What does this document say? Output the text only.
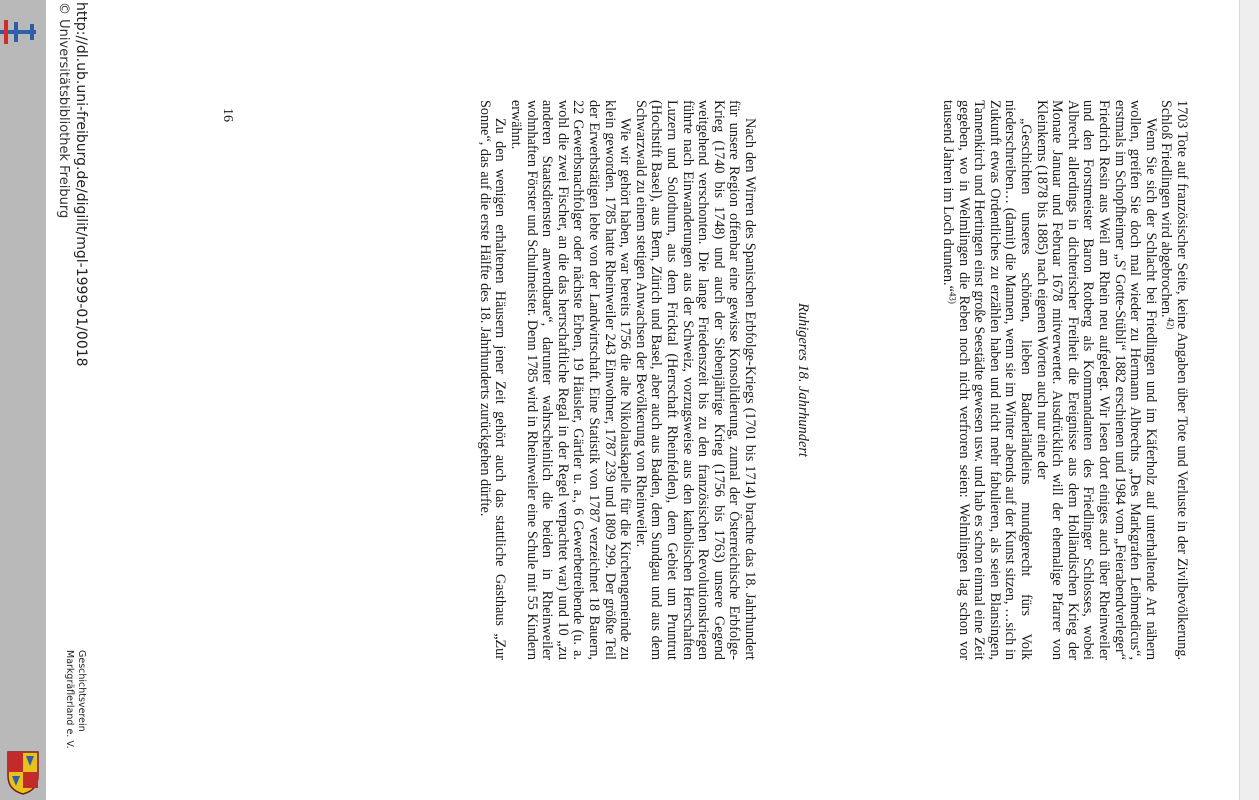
1703 Tote auf französischer Seite, keine Angaben über Tote und Verluste in der Zivilbevölkerung. Schloß Friedlingen wird abgebrochen.$^{42)}$

Wenn Sie sich der Schlacht bei Friedlingen und im Käferholz auf unterhaltende Art nähern wollen, greifen Sie doch mal wieder zu Hermann Albrechts „Des Markgrafen Leibmedicus“, erstmals im Schopfheimer „S' Gotte-Stübli“ 1882 erschienen und 1984 vom „Feierabendverleger“ Friedrich Resin aus Weil am Rhein neu aufgelegt. Wir lesen dort einiges auch über Rheinweiler und den Forstmeister Baron Rotberg als Kommandanten des Friedlinger Schlosses, wobei Albrecht allerdings in dichterischer Freiheit die Ereignisse aus dem Holländischen Krieg der Monate Januar und Februar 1678 mitverwertet. Ausdrücklich will der ehemalige Pfarrer von Kleinkems (1878 bis 1885) nach eigenen Worten auch nur eine der

„Geschichten unseres schönen, lieben Badnerländleins mundgerecht fürs Volk niederschreiben… (damit) die Mannen, wenn sie im Winter abends auf der Kunst sitzen, …sich in Zukunft etwas Ordentliches zu erzählen haben und nicht mehr fabulieren, als seien Blansingen, Tannenkirch und Hertingen einst große Seestädte gewesen usw. und hab es schon einmal eine Zeit gegeben, wo in Welmlingen die Reben noch nicht verfroren seien: Welmlingen lag schon vor tausend Jahren im Loch drunten.“$^{43)}$

Ruhigeres 18. Jahrhundert

Nach den Wirren des Spanischen Erbfolge-Kriegs (1701 bis 1714) brachte das 18. Jahrhundert für unsere Region offenbar eine gewisse Konsolidierung, zumal der Österreichische Erbfolge-Krieg (1740 bis 1748) und auch der Siebenjährige Krieg (1756 bis 1763) unsere Gegend weitgehend verschonten. Die lange Friedenszeit bis zu den französischen Revolutionskriegen führte nach Einwanderungen aus der Schweiz, vorzugsweise aus den katholischen Herrschaften Luzern und Solothurn, aus dem Fricktal (Herrschaft Rheinfelden), dem Gebiet um Pruntrut (Hochstift Basel), aus Bern, Zürich und Basel, aber auch aus Baden, dem Sundgau und aus dem Schwarzwald zu einem stetigen Anwachsen der Bevölkerung von Rheinweiler.

Wie wir gehört haben, war bereits 1756 die alte Nikolauskapelle für die Kirchengemeinde zu klein geworden. 1785 hatte Rheinweiler 243 Einwohner, 1787 239 und 1809 299. Der größte Teil der Erwerbstätigen lebte von der Landwirtschaft. Eine Statistik von 1787 verzeichnet 18 Bauern, 22 Gewerbsnachfolger oder nächste Erben, 19 Häusler, Gärtler u. a., 6 Gewerbetreibende (u. a. wohl die zwei Fischer, an die das herrschaftliche Regal in der Regel verpachtet war) und 10 „zu anderen Staatsdiensten anwendbare“, darunter wahrscheinlich die beiden in Rheinweiler wohnhaften Förster und Schulmeister. Denn 1785 wird in Rheinweiler eine Schule mit 55 Kindern erwähnt.

Zu den wenigen erhaltenen Häusern jener Zeit gehört auch das stattliche Gasthaus „Zur Sonne“, das auf die erste Hälfte des 18. Jahrhunderts zurückgehen dürfte.

16
http://dl.ub.uni-freiburg.de/digilit/mgl-1999-01/0018
© Universitätsbibliothek Freiburg
Geschichtsverein
Markgräflerland e. V.
